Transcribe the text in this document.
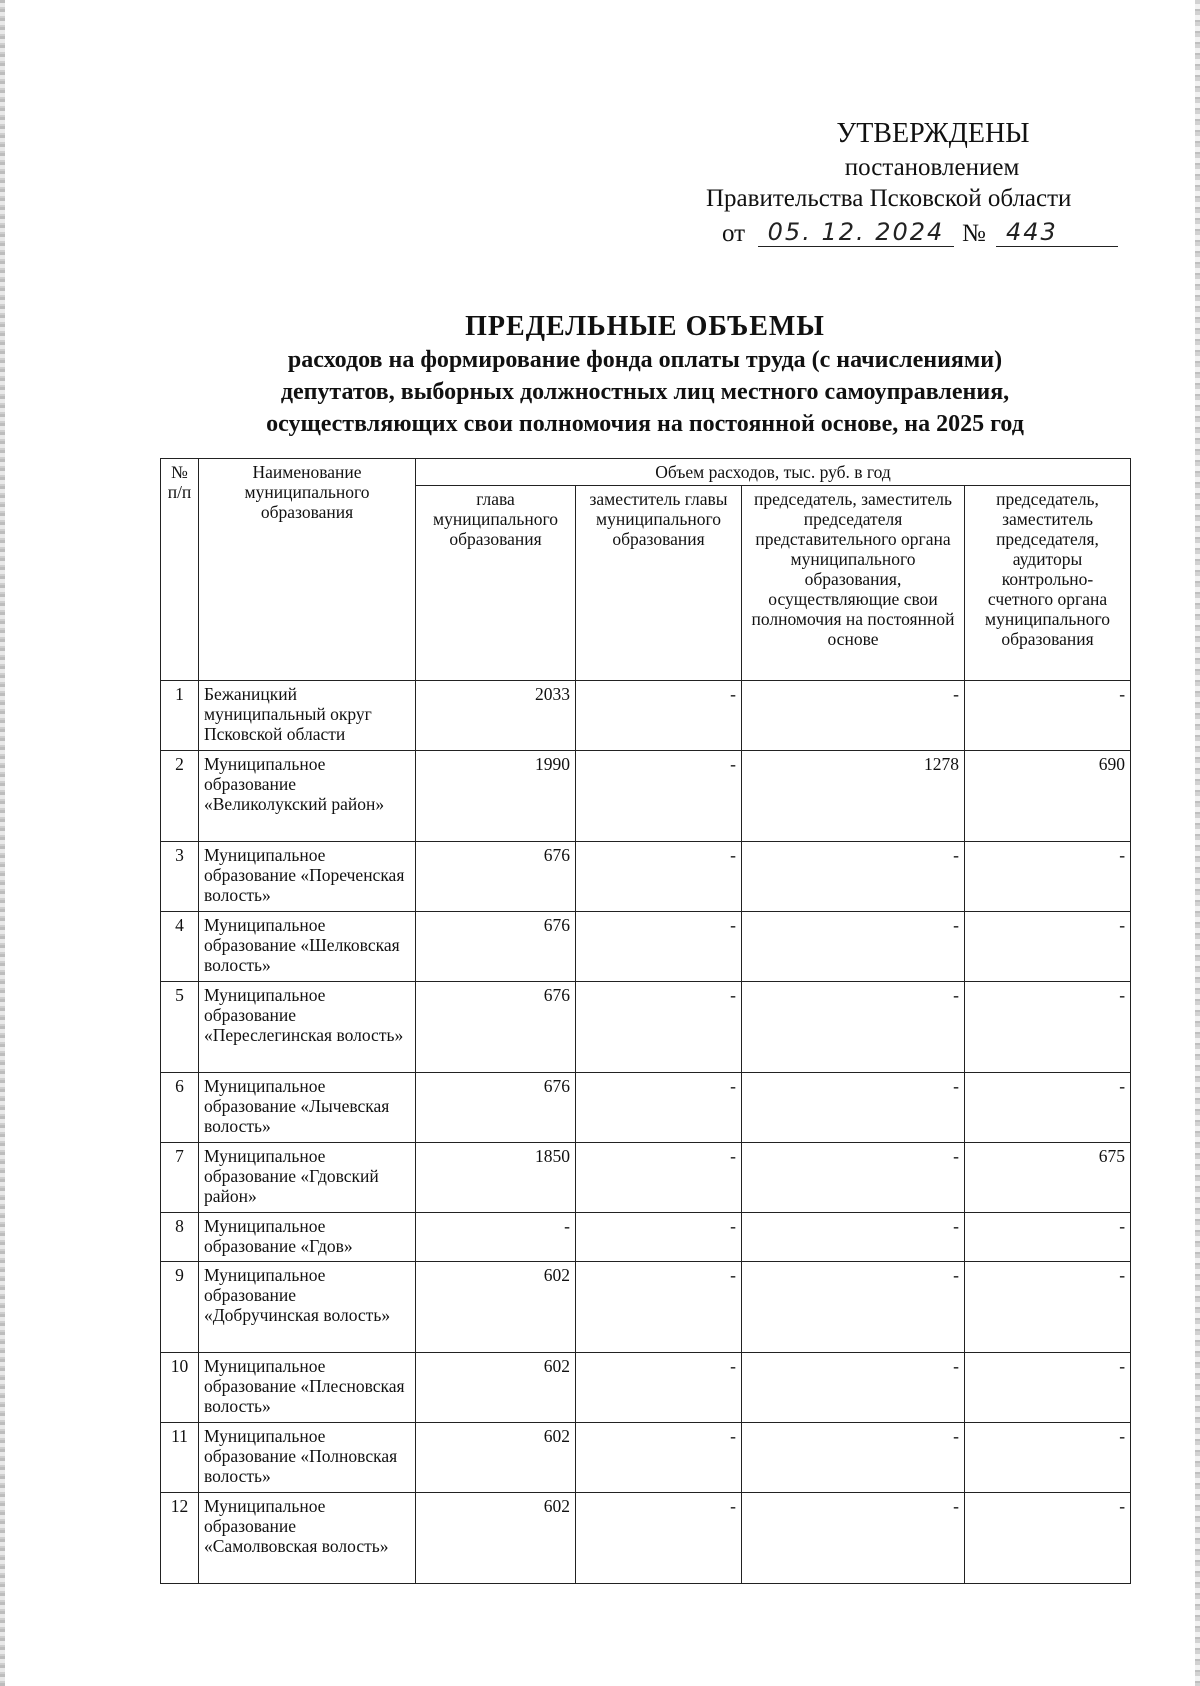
УТВЕРЖДЕНЫ
постановлением
Правительства Псковской области
от 05. 12. 2024 № 443
ПРЕДЕЛЬНЫЕ ОБЪЕМЫ
расходов на формирование фонда оплаты труда (с начислениями)
депутатов, выборных должностных лиц местного самоуправления,
осуществляющих свои полномочия на постоянной основе, на 2025 год
№
п/п	Наименование муниципального образования	Объем расходов, тыс. руб. в год			
		глава муниципального образования	заместитель главы муниципального образования	председатель, заместитель председателя представительного органа муниципального образования, осуществляющие свои полномочия на постоянной основе	председатель, заместитель председателя, аудиторы контрольно-счетного органа муниципального образования
1	Бежаницкий муниципальный округ Псковской области	2033	-	-	-
2	Муниципальное образование «Великолукский район»	1990	-	1278	690
3	Муниципальное образование «Пореченская волость»	676	-	-	-
4	Муниципальное образование «Шелковская волость»	676	-	-	-
5	Муниципальное образование «Переслегинская волость»	676	-	-	-
6	Муниципальное образование «Лычевская волость»	676	-	-	-
7	Муниципальное образование «Гдовский район»	1850	-	-	675
8	Муниципальное образование «Гдов»	-	-	-	-
9	Муниципальное образование «Добручинская волость»	602	-	-	-
10	Муниципальное образование «Плесновская волость»	602	-	-	-
11	Муниципальное образование «Полновская волость»	602	-	-	-
12	Муниципальное образование «Самолвовская волость»	602	-	-	-
